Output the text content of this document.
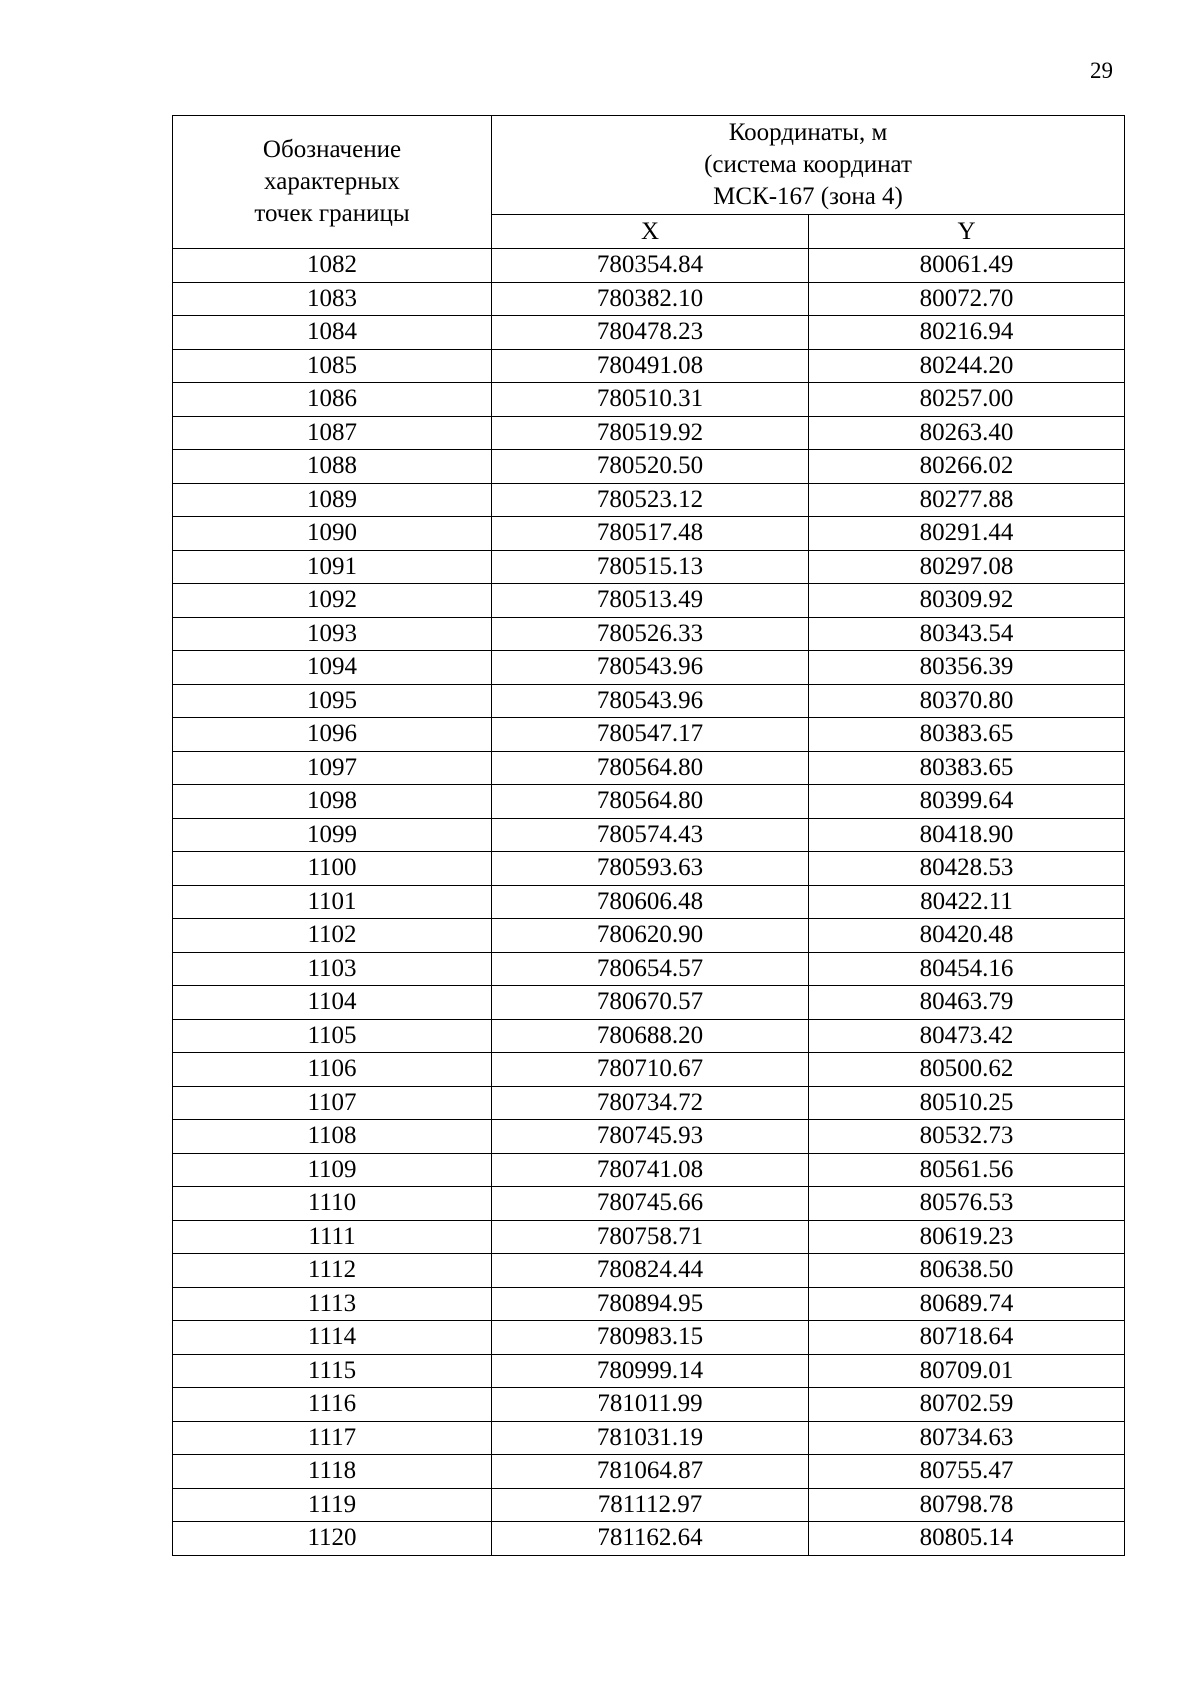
29
Обозначение
характерных
точек границы	Координаты, м
(система координат
МСК-167 (зона 4)	
	X	Y
1082	780354.84	80061.49
1083	780382.10	80072.70
1084	780478.23	80216.94
1085	780491.08	80244.20
1086	780510.31	80257.00
1087	780519.92	80263.40
1088	780520.50	80266.02
1089	780523.12	80277.88
1090	780517.48	80291.44
1091	780515.13	80297.08
1092	780513.49	80309.92
1093	780526.33	80343.54
1094	780543.96	80356.39
1095	780543.96	80370.80
1096	780547.17	80383.65
1097	780564.80	80383.65
1098	780564.80	80399.64
1099	780574.43	80418.90
1100	780593.63	80428.53
1101	780606.48	80422.11
1102	780620.90	80420.48
1103	780654.57	80454.16
1104	780670.57	80463.79
1105	780688.20	80473.42
1106	780710.67	80500.62
1107	780734.72	80510.25
1108	780745.93	80532.73
1109	780741.08	80561.56
1110	780745.66	80576.53
1111	780758.71	80619.23
1112	780824.44	80638.50
1113	780894.95	80689.74
1114	780983.15	80718.64
1115	780999.14	80709.01
1116	781011.99	80702.59
1117	781031.19	80734.63
1118	781064.87	80755.47
1119	781112.97	80798.78
1120	781162.64	80805.14
